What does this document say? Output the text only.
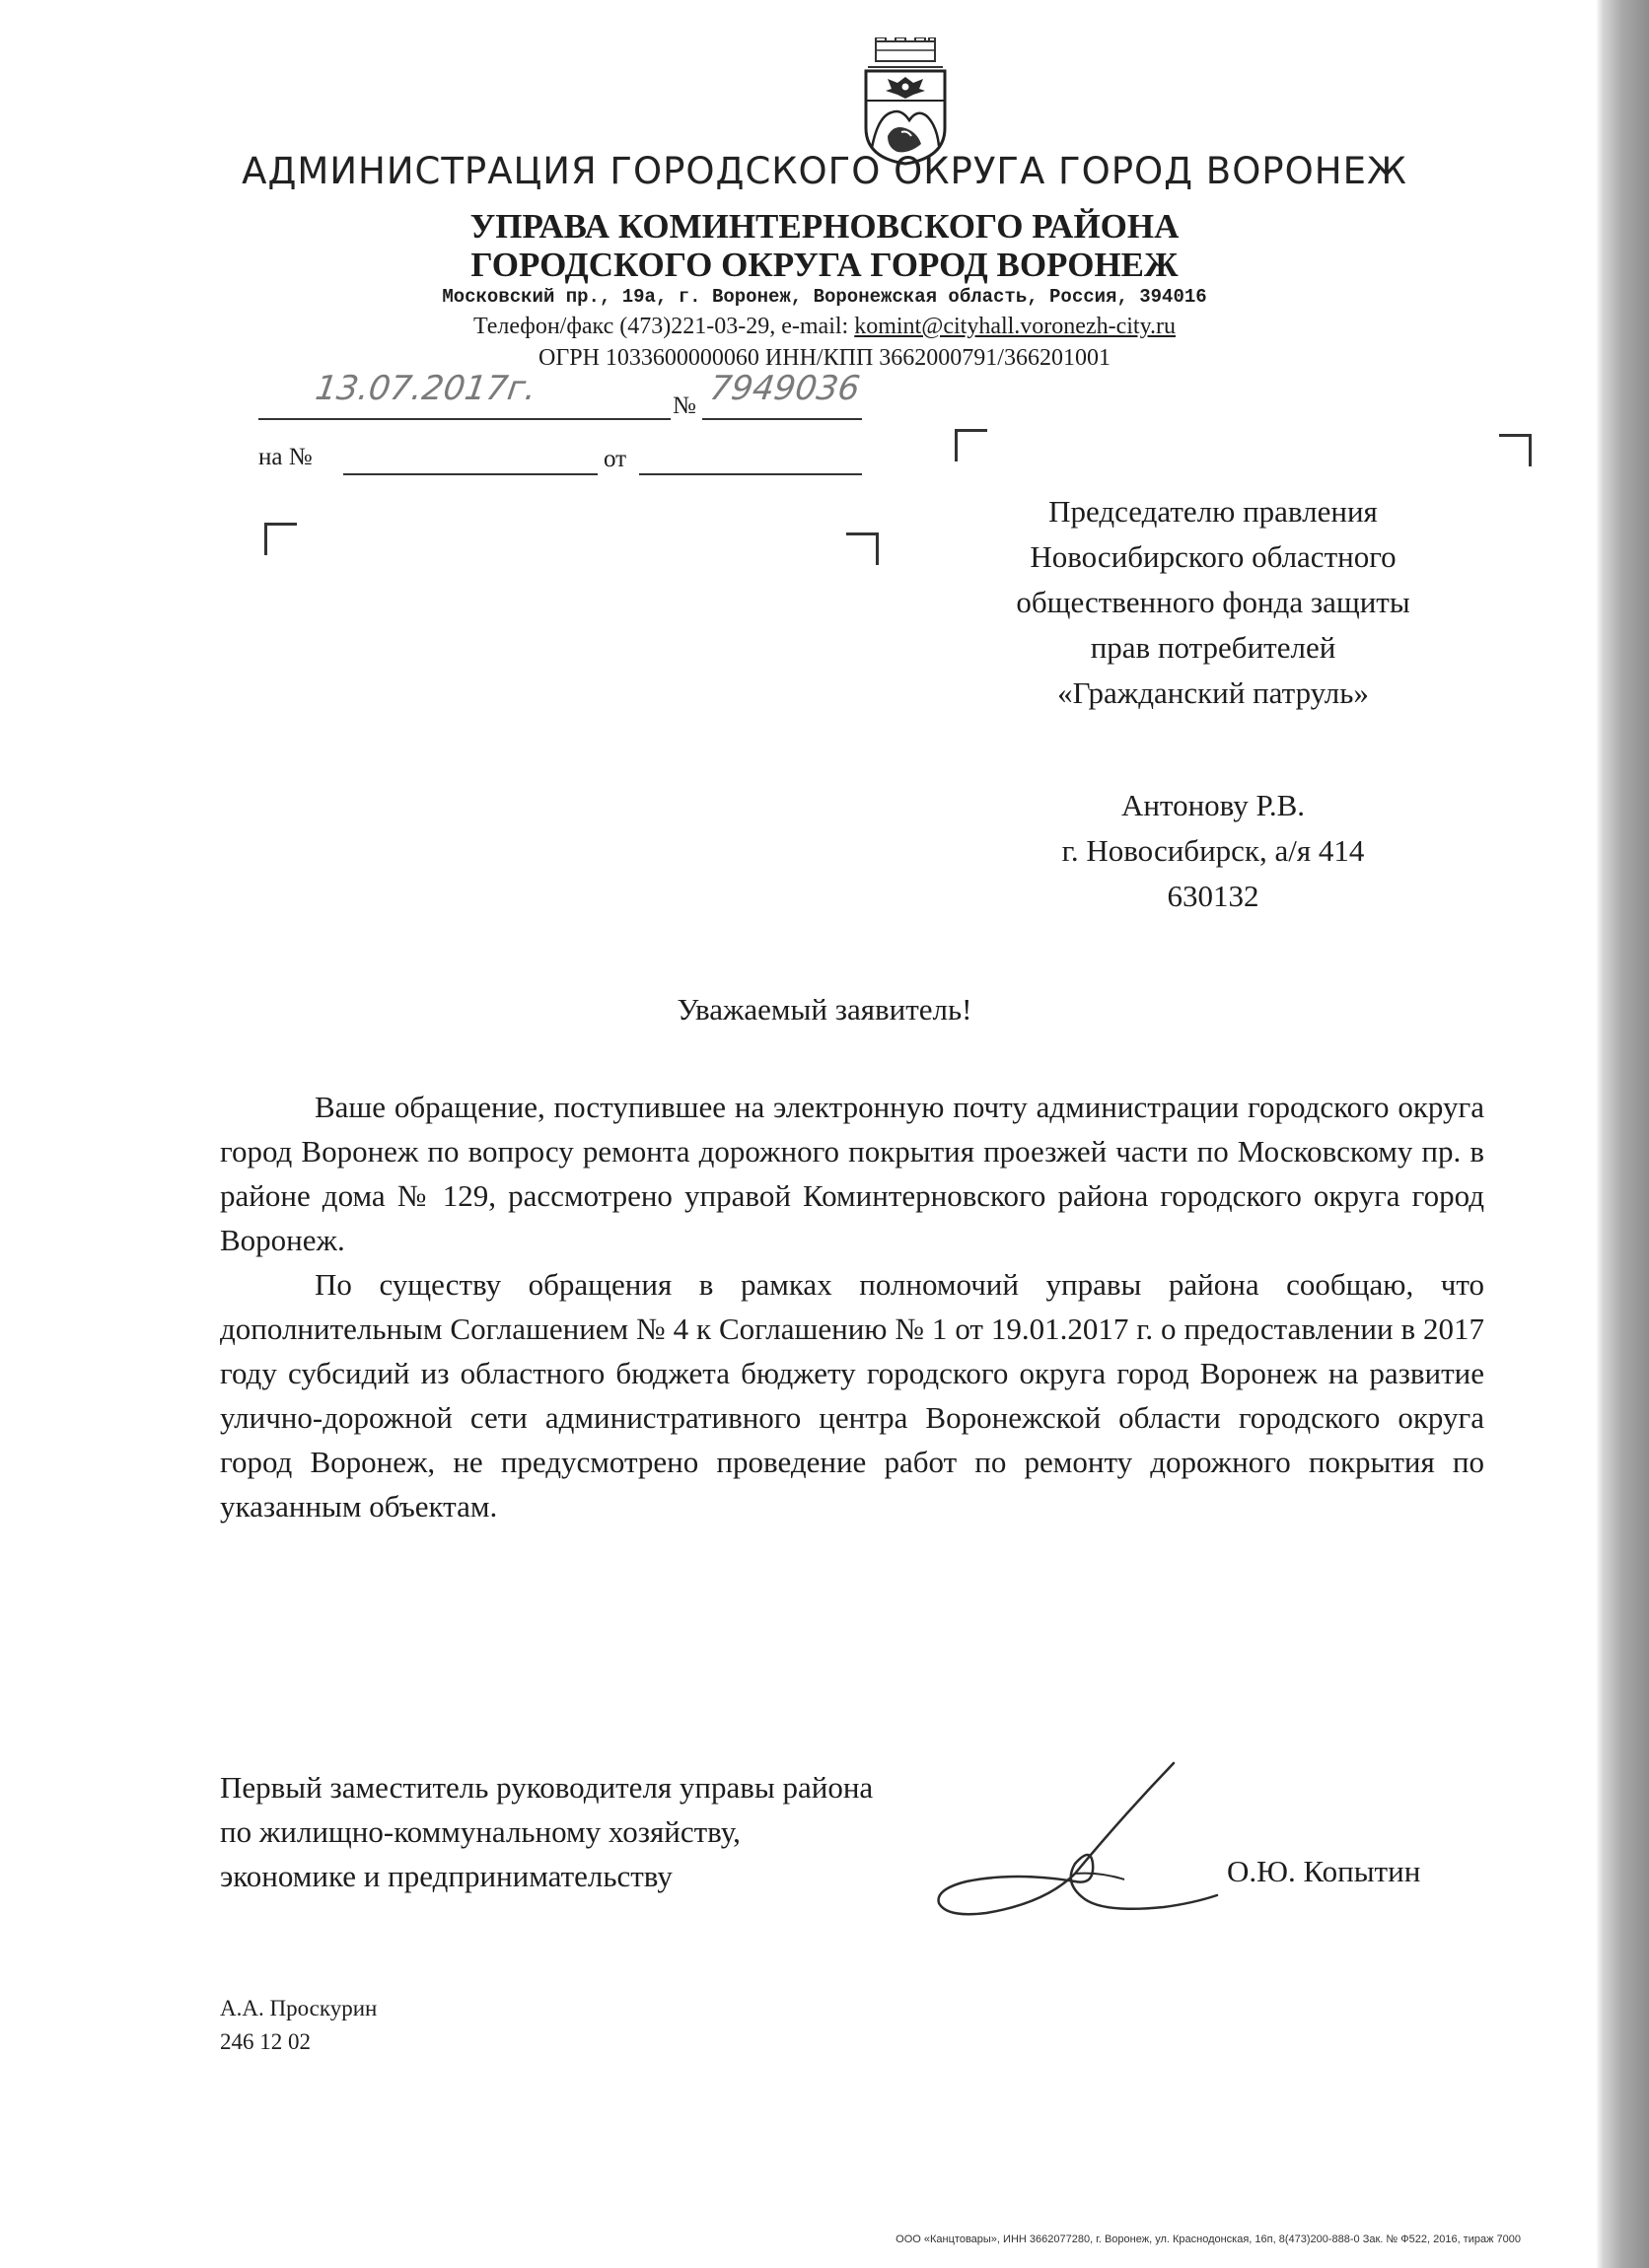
АДМИНИСТРАЦИЯ ГОРОДСКОГО ОКРУГА ГОРОД ВОРОНЕЖ
УПРАВА КОМИНТЕРНОВСКОГО РАЙОНА
ГОРОДСКОГО ОКРУГА ГОРОД ВОРОНЕЖ
Московский пр., 19а, г. Воронеж, Воронежская область, Россия, 394016
Телефон/факс (473)221-03-29, e-mail: komint@cityhall.voronezh-city.ru
ОГРН 1033600000060 ИНН/КПП 3662000791/366201001
13.07.2017г.	№ 7949036
на №	от
Председателю правления
Новосибирского областного
общественного фонда защиты
прав потребителей
«Гражданский патруль»
Антонову Р.В.
г. Новосибирск, а/я 414
630132
Уважаемый заявитель!

Ваше обращение, поступившее на электронную почту администрации городского округа город Воронеж по вопросу ремонта дорожного покрытия проезжей части по Московскому пр. в районе дома № 129, рассмотрено управой Коминтерновского района городского округа город Воронеж.

По существу обращения в рамках полномочий управы района сообщаю, что дополнительным Соглашением № 4 к Соглашению № 1 от 19.01.2017 г. о предоставлении в 2017 году субсидий из областного бюджета бюджету городского округа город Воронеж на развитие улично-дорожной сети административного центра Воронежской области городского округа город Воронеж, не предусмотрено проведение работ по ремонту дорожного покрытия по указанным объектам.

Первый заместитель руководителя управы района
по жилищно-коммунальному хозяйству,
экономике и предпринимательству	О.Ю. Копытин
А.А. Проскурин
246 12 02
ООО «Канцтовары», ИНН 3662077280, г. Воронеж, ул. Краснодонская, 16п, 8(473)200-888-0 Зак. № Ф522, 2016, тираж 7000
